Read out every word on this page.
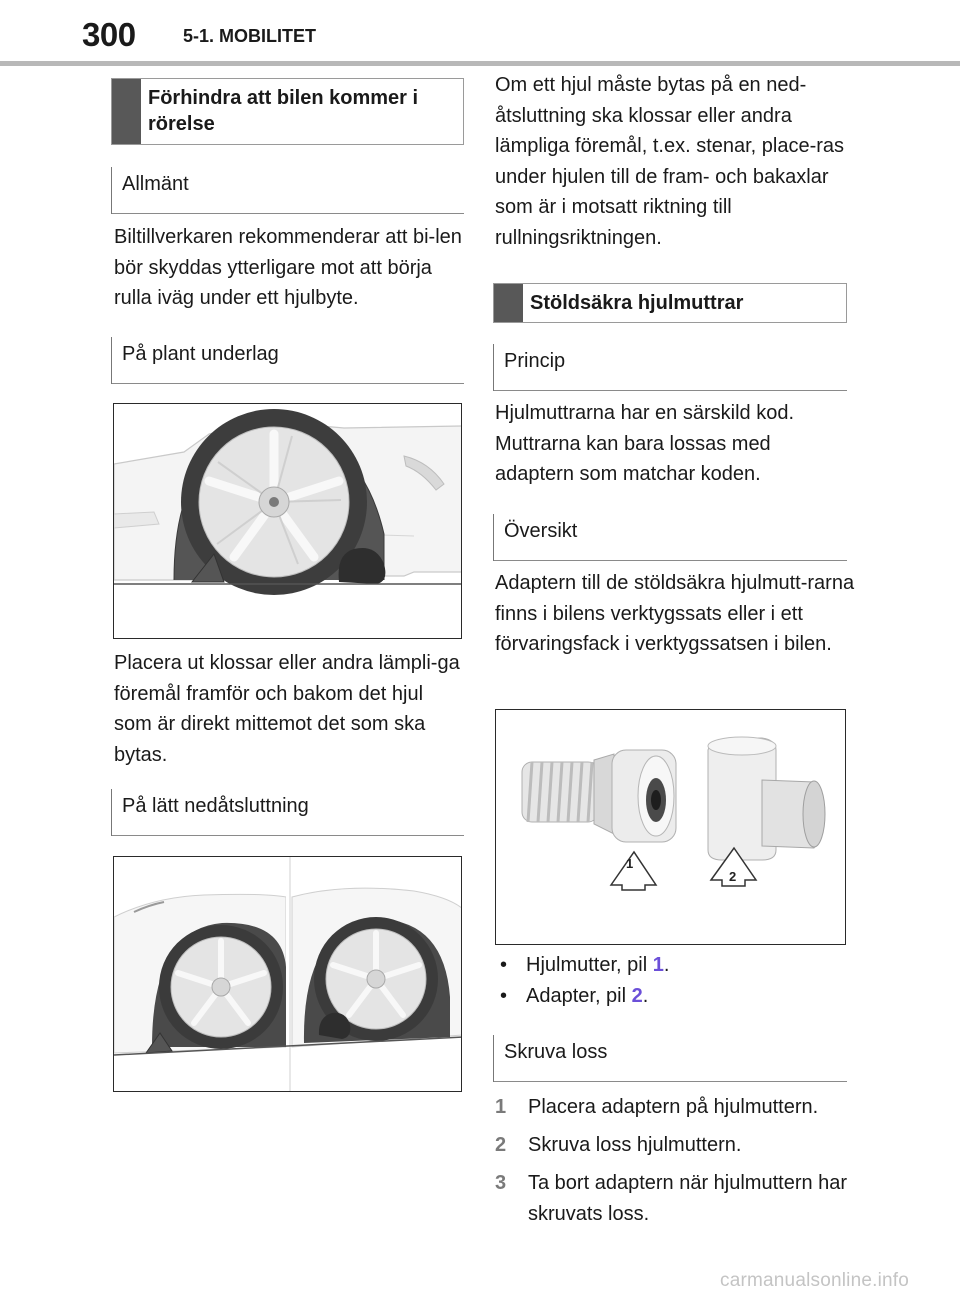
300	5-1. MOBILITET
Förhindra att bilen kommer i rörelse
Allmänt
Biltillverkaren rekommenderar att bi-len bör skyddas ytterligare mot att börja rulla iväg under ett hjulbyte.
På plant underlag
Placera ut klossar eller andra lämpli-ga föremål framför och bakom det hjul som är direkt mittemot det som ska bytas.
På lätt nedåtsluttning
Om ett hjul måste bytas på en ned-åtsluttning ska klossar eller andra lämpliga föremål, t.ex. stenar, place-ras under hjulen till de fram- och bakaxlar som är i motsatt riktning till rullningsriktningen.
Stöldsäkra hjulmuttrar
Princip
Hjulmuttrarna har en särskild kod. Muttrarna kan bara lossas med adaptern som matchar koden.
Översikt
Adaptern till de stöldsäkra hjulmutt-rarna finns i bilens verktygssats eller i ett förvaringsfack i verktygssatsen i bilen.
1
2
• Hjulmutter, pil 1.
• Adapter, pil 2.
Skruva loss
1 Placera adaptern på hjulmuttern.
2 Skruva loss hjulmuttern.
3 Ta bort adaptern när hjulmuttern har skruvats loss.
carmanualsonline.info
